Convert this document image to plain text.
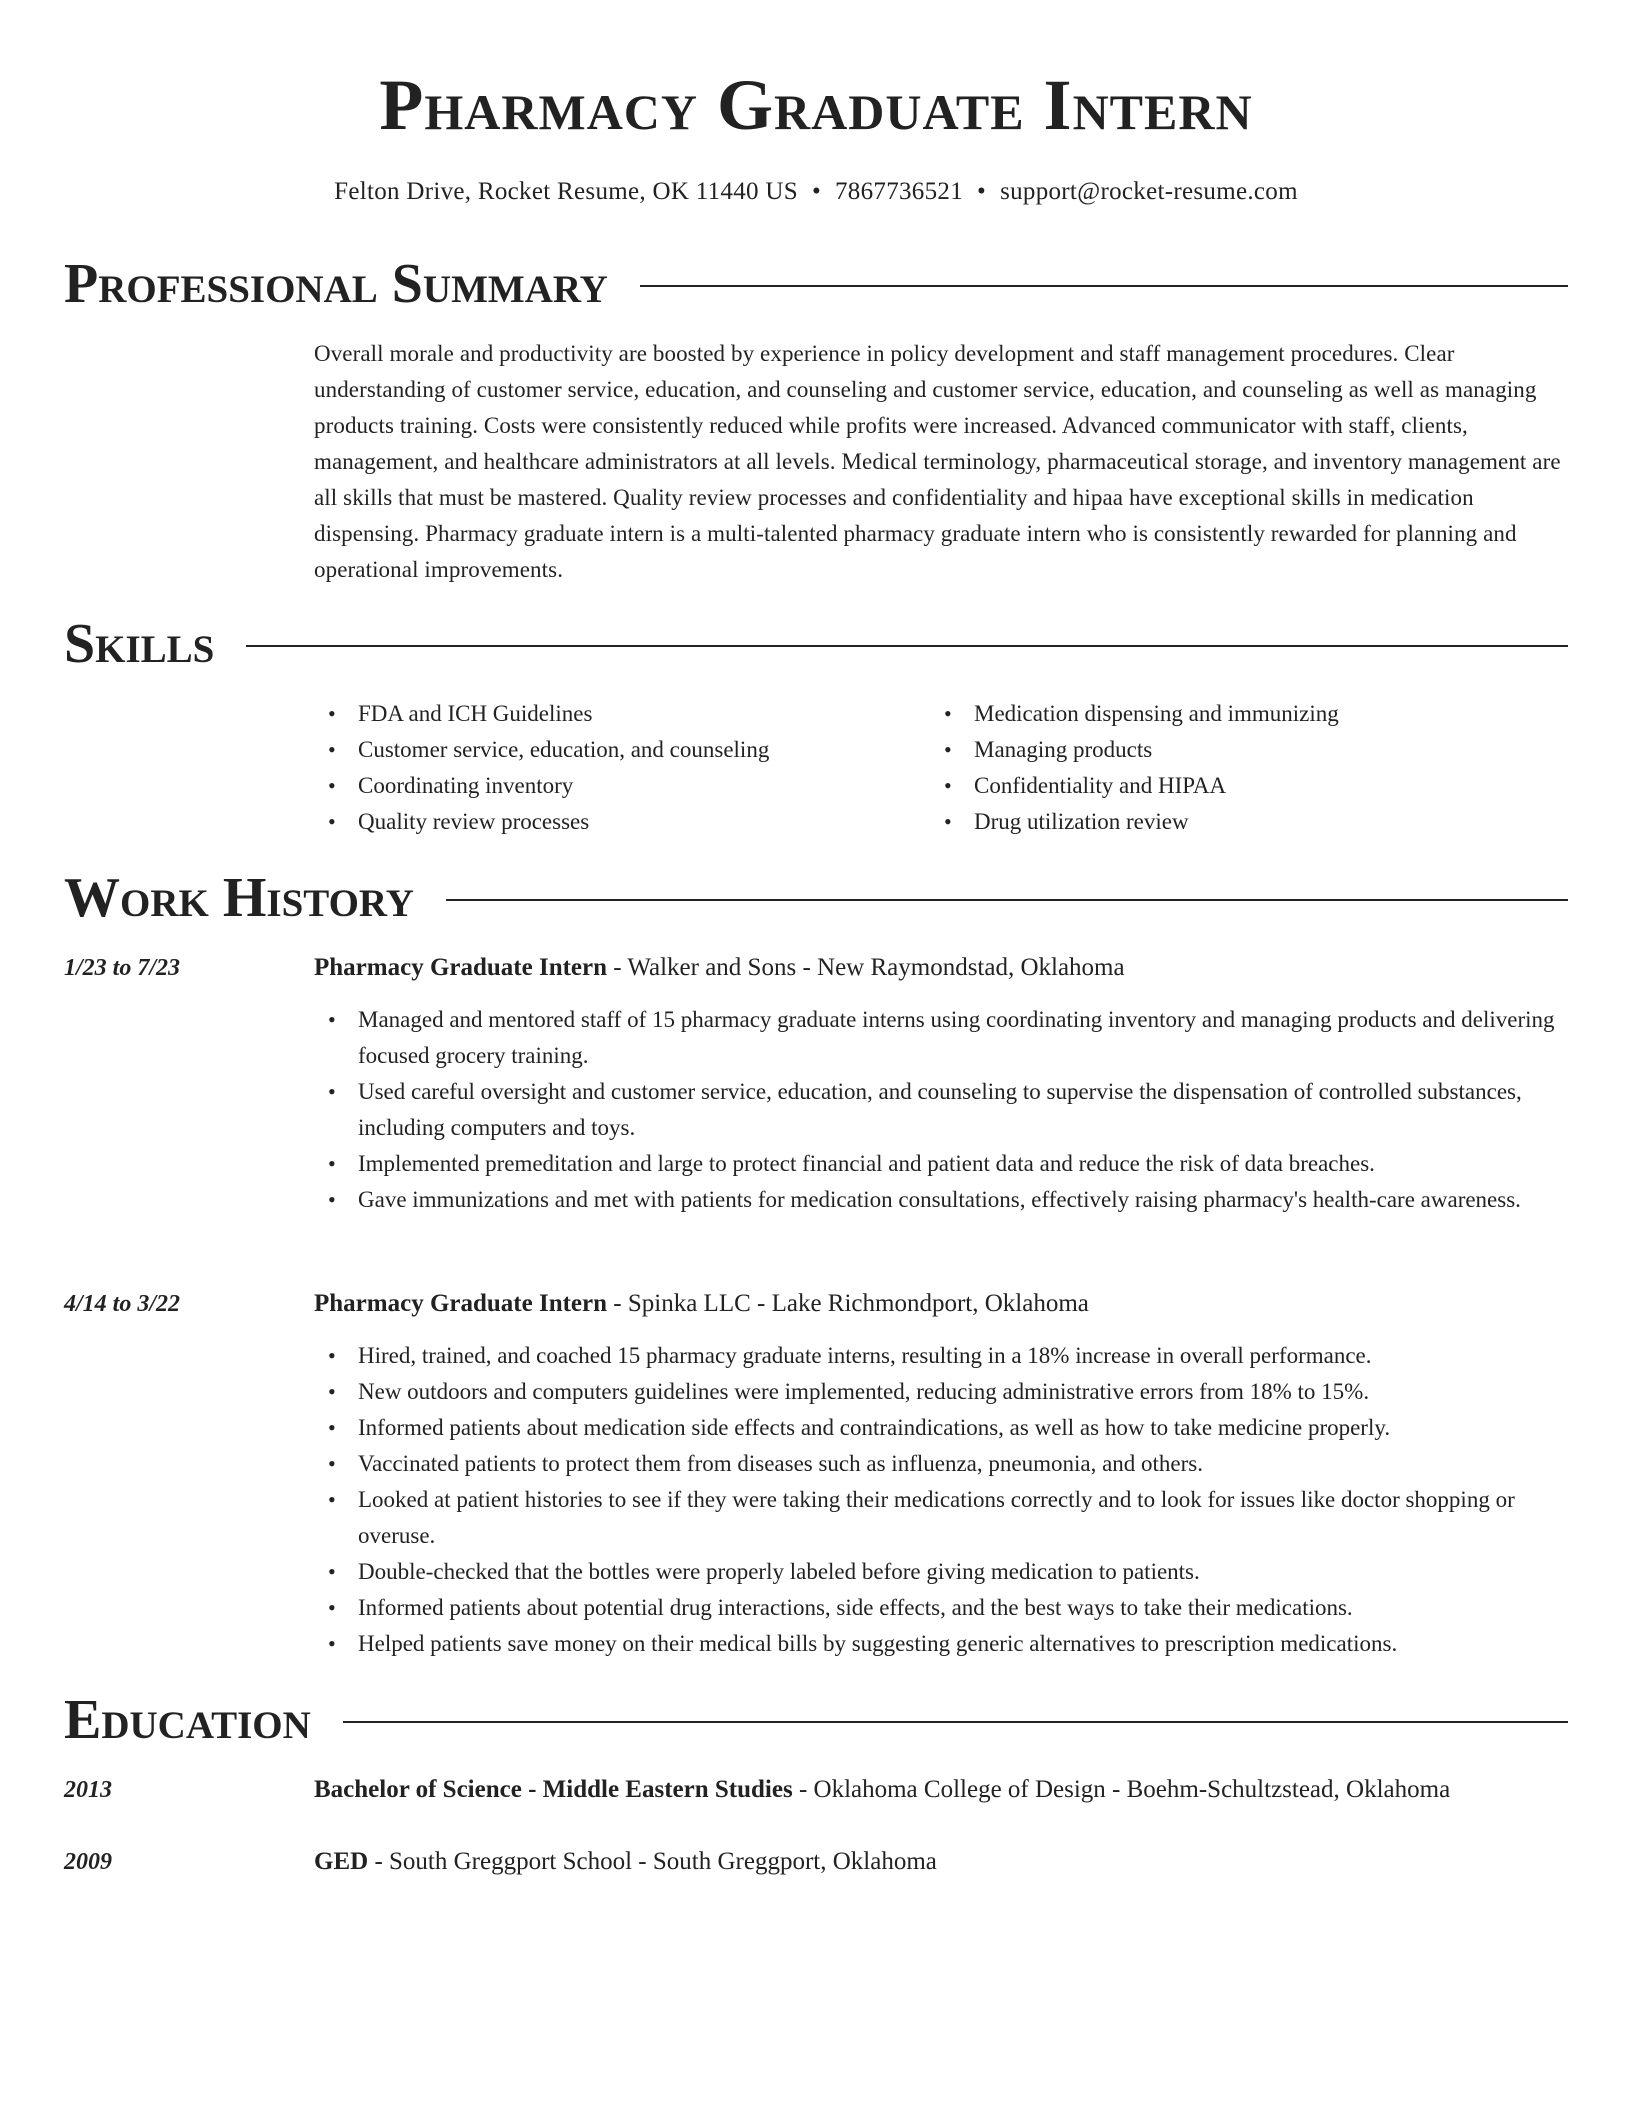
Pharmacy Graduate Intern
Felton Drive, Rocket Resume, OK 11440 US • 7867736521 • support@rocket-resume.com
Professional Summary

Overall morale and productivity are boosted by experience in policy development and staff management procedures. Clear understanding of customer service, education, and counseling and customer service, education, and counseling as well as managing products training. Costs were consistently reduced while profits were increased. Advanced communicator with staff, clients, management, and healthcare administrators at all levels. Medical terminology, pharmaceutical storage, and inventory management are all skills that must be mastered. Quality review processes and confidentiality and hipaa have exceptional skills in medication dispensing. Pharmacy graduate intern is a multi-talented pharmacy graduate intern who is consistently rewarded for planning and operational improvements.

Skills
• FDA and ICH Guidelines
• Customer service, education, and counseling
• Coordinating inventory
• Quality review processes
• Medication dispensing and immunizing
• Managing products
• Confidentiality and HIPAA
• Drug utilization review
Work History
1/23 to 7/23	Pharmacy Graduate Intern - Walker and Sons - New Raymondstad, Oklahoma
• Managed and mentored staff of 15 pharmacy graduate interns using coordinating inventory and managing products and delivering focused grocery training.
• Used careful oversight and customer service, education, and counseling to supervise the dispensation of controlled substances, including computers and toys.
• Implemented premeditation and large to protect financial and patient data and reduce the risk of data breaches.
• Gave immunizations and met with patients for medication consultations, effectively raising pharmacy's health-care awareness.
4/14 to 3/22	Pharmacy Graduate Intern - Spinka LLC - Lake Richmondport, Oklahoma
• Hired, trained, and coached 15 pharmacy graduate interns, resulting in a 18% increase in overall performance.
• New outdoors and computers guidelines were implemented, reducing administrative errors from 18% to 15%.
• Informed patients about medication side effects and contraindications, as well as how to take medicine properly.
• Vaccinated patients to protect them from diseases such as influenza, pneumonia, and others.
• Looked at patient histories to see if they were taking their medications correctly and to look for issues like doctor shopping or overuse.
• Double-checked that the bottles were properly labeled before giving medication to patients.
• Informed patients about potential drug interactions, side effects, and the best ways to take their medications.
• Helped patients save money on their medical bills by suggesting generic alternatives to prescription medications.
Education
2013	Bachelor of Science - Middle Eastern Studies - Oklahoma College of Design - Boehm-Schultzstead, Oklahoma
2009	GED - South Greggport School - South Greggport, Oklahoma
